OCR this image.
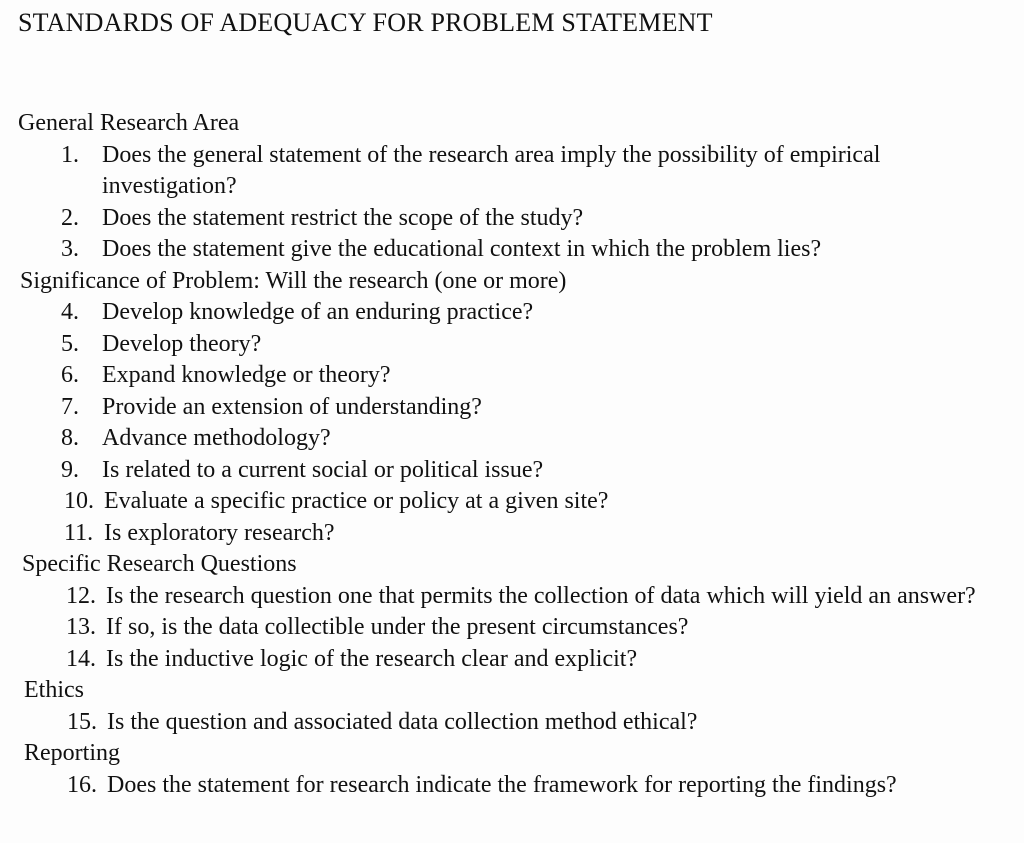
STANDARDS OF ADEQUACY FOR PROBLEM STATEMENT
General Research Area
1. Does the general statement of the research area imply the possibility of empirical investigation?
2. Does the statement restrict the scope of the study?
3. Does the statement give the educational context in which the problem lies?
Significance of Problem: Will the research (one or more)
4. Develop knowledge of an enduring practice?
5. Develop theory?
6. Expand knowledge or theory?
7. Provide an extension of understanding?
8. Advance methodology?
9. Is related to a current social or political issue?
10. Evaluate a specific practice or policy at a given site?
11. Is exploratory research?
Specific Research Questions
12. Is the research question one that permits the collection of data which will yield an answer?
13. If so, is the data collectible under the present circumstances?
14. Is the inductive logic of the research clear and explicit?
Ethics
15. Is the question and associated data collection method ethical?
Reporting
16. Does the statement for research indicate the framework for reporting the findings?
